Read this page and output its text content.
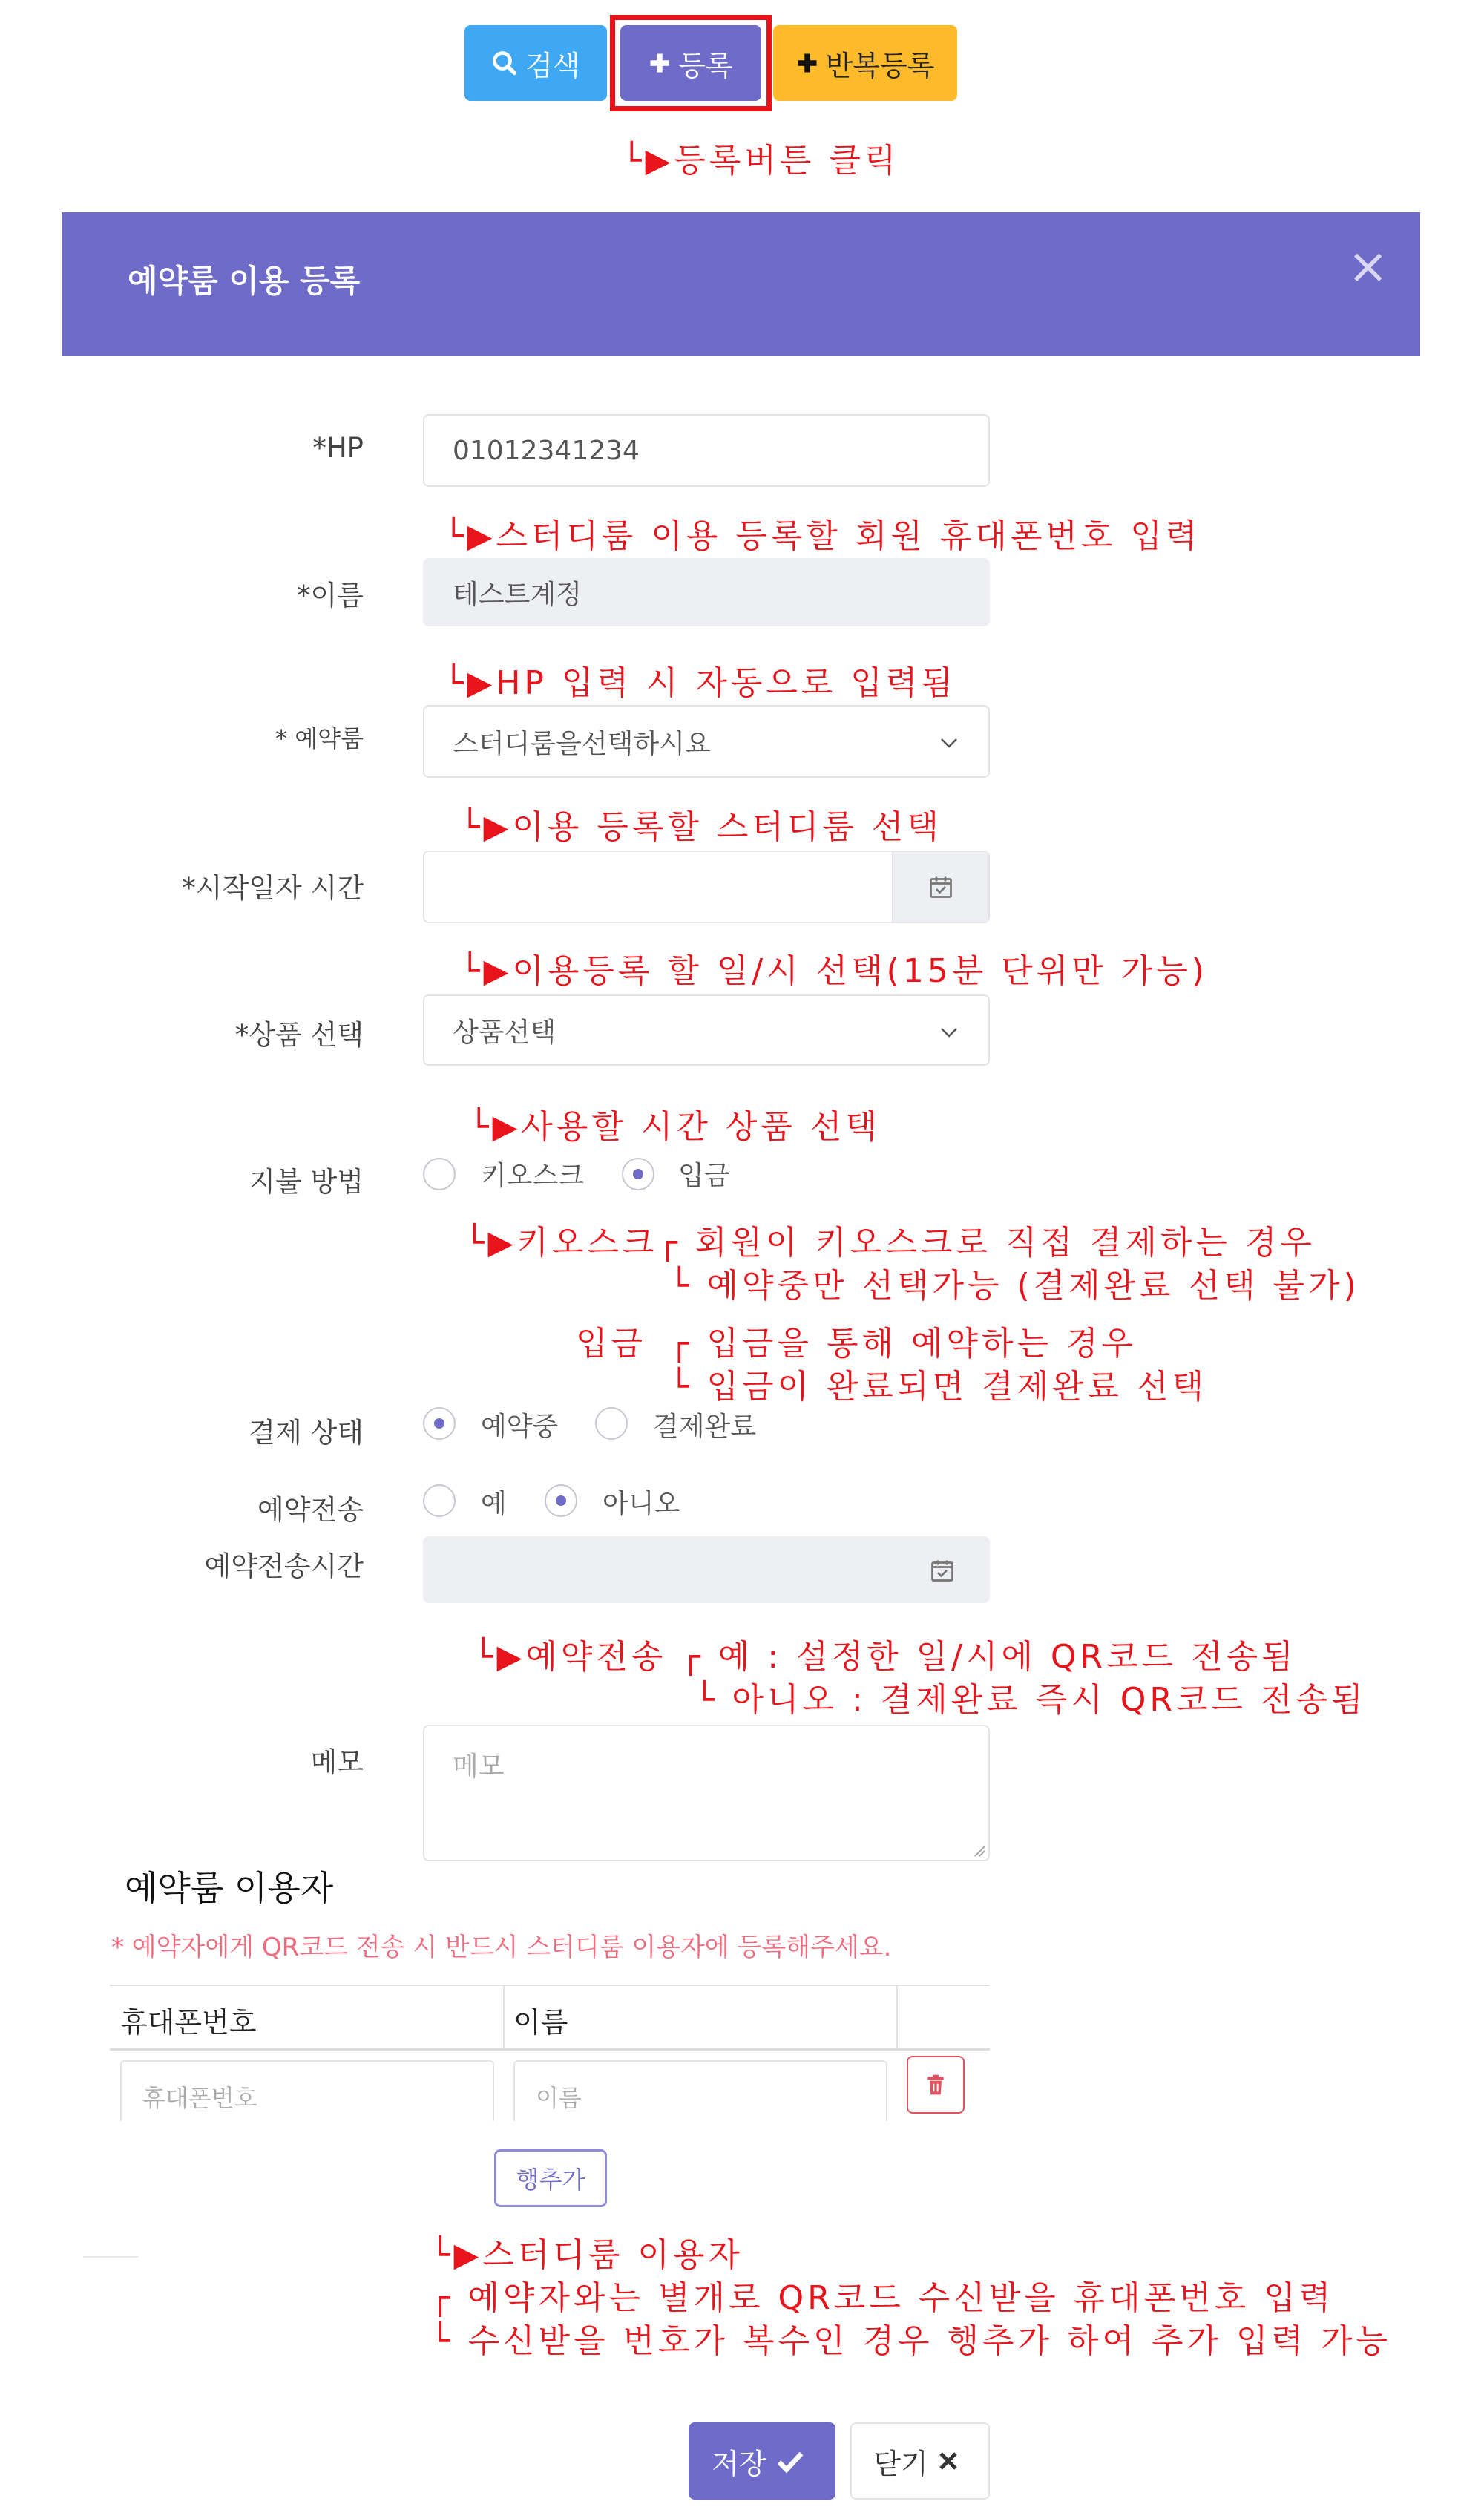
검색	등록	반복등록
└▶등록버튼 클릭
예약룸 이용 등록	×
*HP	01012341234
└▶스터디룸 이용 등록할 회원 휴대폰번호 입력
*이름	테스트계정
└▶HP 입력 시 자동으로 입력됨
* 예약룸	스터디룸을선택하시요
└▶이용 등록할 스터디룸 선택
*시작일자 시간
└▶이용등록 할 일/시 선택(15분 단위만 가능)
*상품 선택	상품선택
└▶사용할 시간 상품 선택
지불 방법	키오스크	입금
└▶키오스크┌ 회원이 키오스크로 직접 결제하는 경우
└ 예약중만 선택가능 (결제완료 선택 불가)
입금 ┌ 입금을 통해 예약하는 경우
└ 입금이 완료되면 결제완료 선택
결제 상태	예약중	결제완료
예약전송	예	아니오
예약전송시간
└▶예약전송 ┌ 예 : 설정한 일/시에 QR코드 전송됨
└ 아니오 : 결제완료 즉시 QR코드 전송됨
메모	메모
예약룸 이용자
* 예약자에게 QR코드 전송 시 반드시 스터디룸 이용자에 등록해주세요.
휴대폰번호	이름
휴대폰번호	이름
행추가
└▶스터디룸 이용자
┌ 예약자와는 별개로 QR코드 수신받을 휴대폰번호 입력
└ 수신받을 번호가 복수인 경우 행추가 하여 추가 입력 가능
저장	닫기
